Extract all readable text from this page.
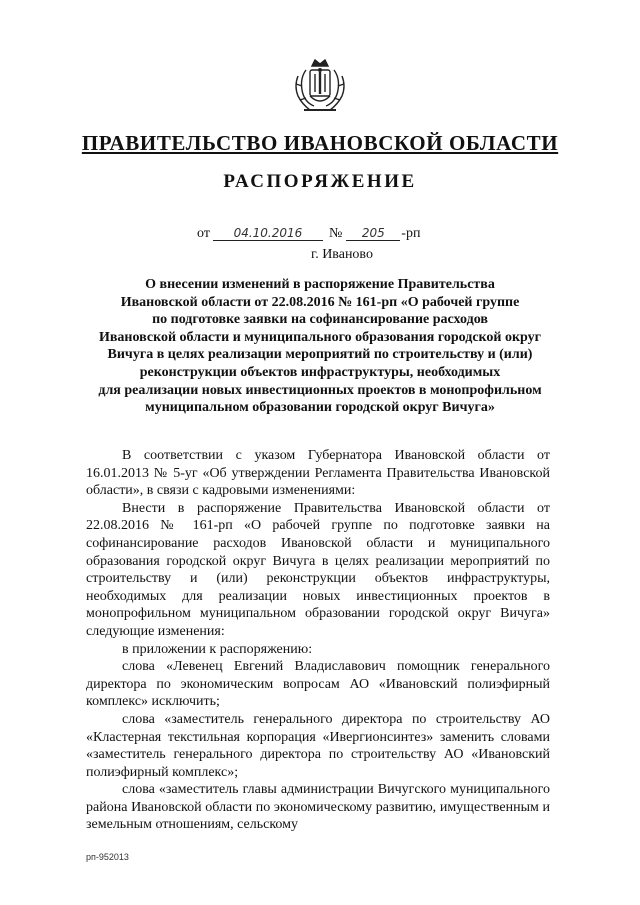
ПРАВИТЕЛЬСТВО ИВАНОВСКОЙ ОБЛАСТИ
РАСПОРЯЖЕНИЕ
от 04.10.2016 № 205 -рп
г. Иваново
О внесении изменений в распоряжение Правительства
Ивановской области от 22.08.2016 № 161-рп «О рабочей группе
по подготовке заявки на софинансирование расходов
Ивановской области и муниципального образования городской округ
Вичуга в целях реализации мероприятий по строительству и (или)
реконструкции объектов инфраструктуры, необходимых
для реализации новых инвестиционных проектов в монопрофильном
муниципальном образовании городской округ Вичуга»

В соответствии с указом Губернатора Ивановской области от 16.01.2013 № 5-уг «Об утверждении Регламента Правительства Ивановской области», в связи с кадровыми изменениями:

Внести в распоряжение Правительства Ивановской области от 22.08.2016 № 161-рп «О рабочей группе по подготовке заявки на софинансирование расходов Ивановской области и муниципального образования городской округ Вичуга в целях реализации мероприятий по строительству и (или) реконструкции объектов инфраструктуры, необходимых для реализации новых инвестиционных проектов в монопрофильном муниципальном образовании городской округ Вичуга» следующие изменения:

в приложении к распоряжению:

слова «Левенец Евгений Владиславович помощник генерального директора по экономическим вопросам АО «Ивановский полиэфирный комплекс» исключить;

слова «заместитель генерального директора по строительству АО «Кластерная текстильная корпорация «Ивергионсинтез» заменить словами «заместитель генерального директора по строительству АО «Ивановский полиэфирный комплекс»;

слова «заместитель главы администрации Вичугского муниципального района Ивановской области по экономическому развитию, имущественным и земельным отношениям, сельскому

рп-952013
